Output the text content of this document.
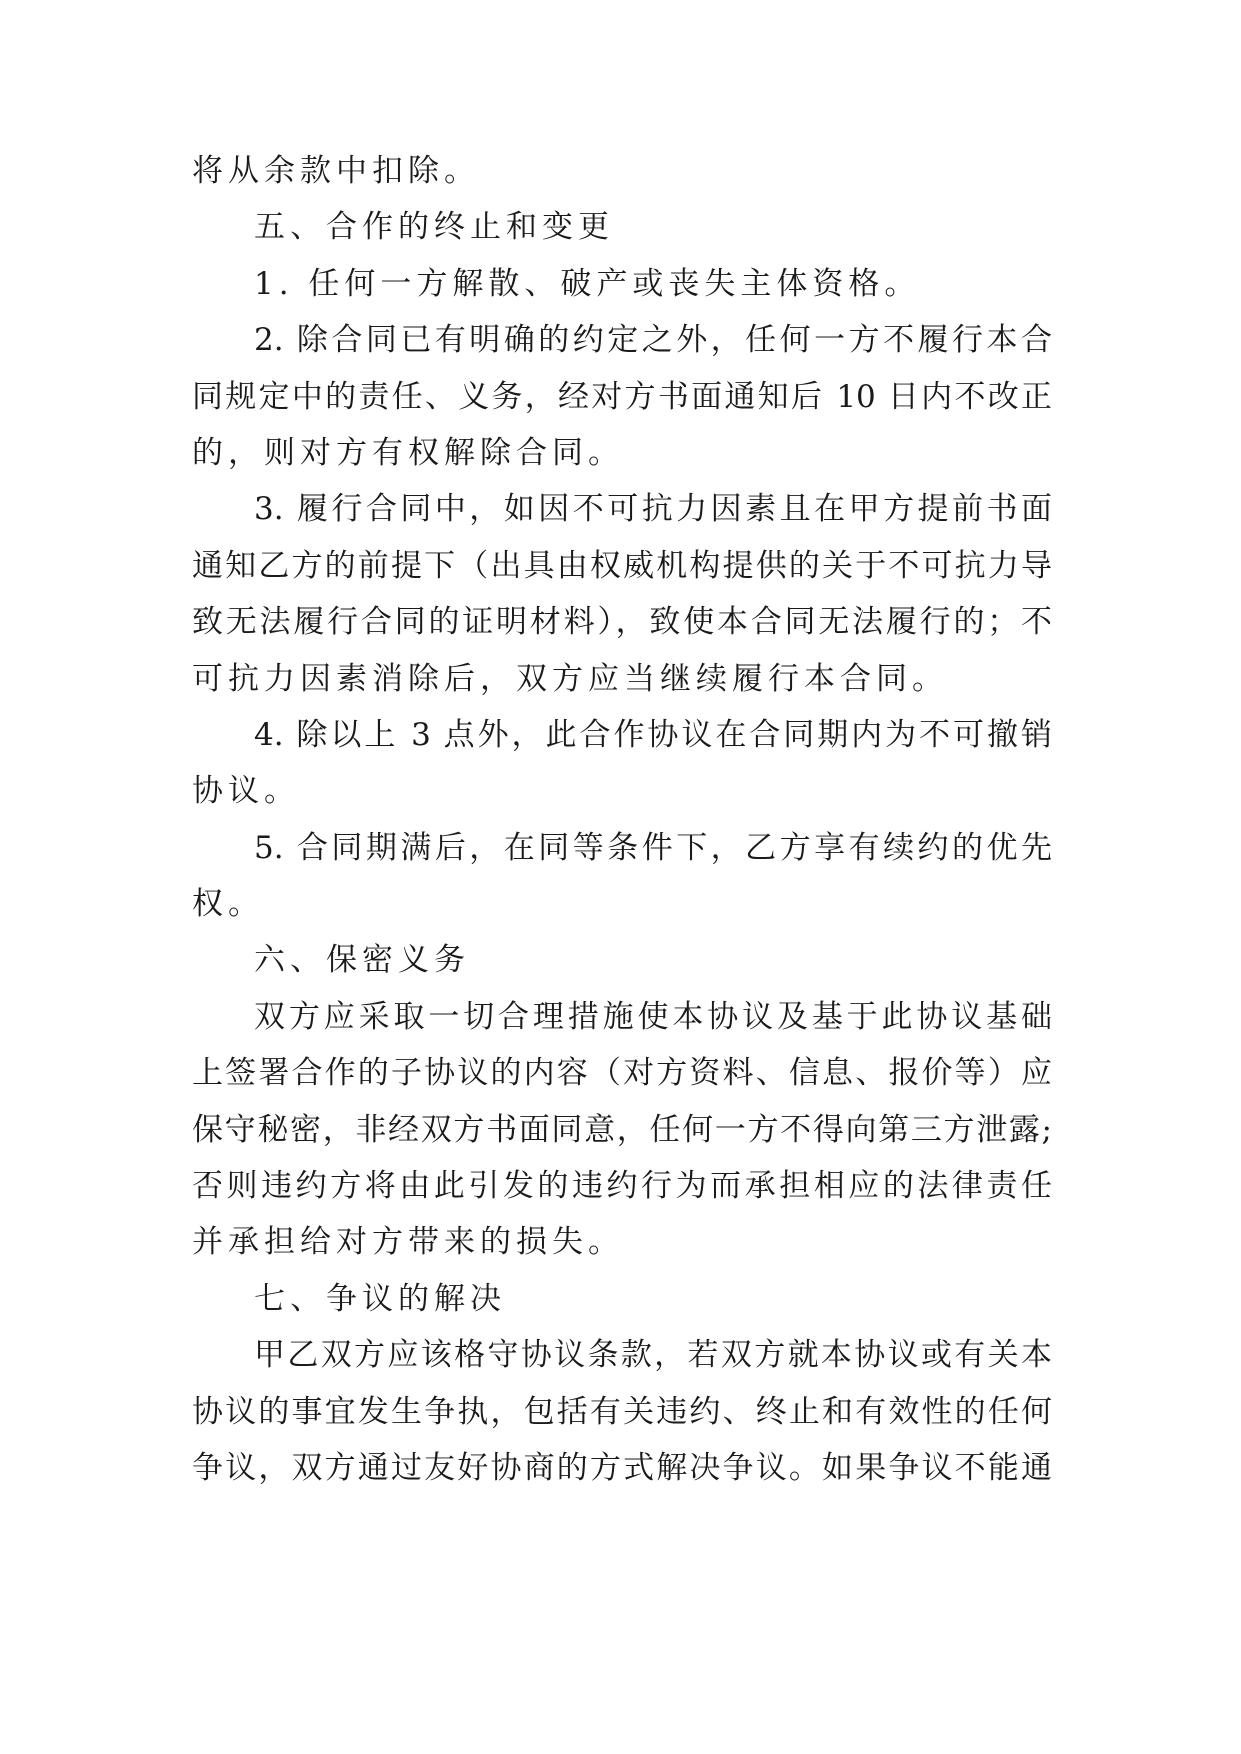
将从余款中扣除。
五、合作的终止和变更
1. 任何一方解散、破产或丧失主体资格。
2. 除合同已有明确的约定之外，任何一方不履行本合
同规定中的责任、义务，经对方书面通知后 10 日内不改正
的，则对方有权解除合同。
3. 履行合同中，如因不可抗力因素且在甲方提前书面
通知乙方的前提下（出具由权威机构提供的关于不可抗力导
致无法履行合同的证明材料），致使本合同无法履行的；不
可抗力因素消除后，双方应当继续履行本合同。
4. 除以上 3 点外，此合作协议在合同期内为不可撤销
协议。
5. 合同期满后，在同等条件下，乙方享有续约的优先
权。
六、保密义务
双方应采取一切合理措施使本协议及基于此协议基础
上签署合作的子协议的内容（对方资料、信息、报价等）应
保守秘密，非经双方书面同意，任何一方不得向第三方泄露;
否则违约方将由此引发的违约行为而承担相应的法律责任
并承担给对方带来的损失。
七、争议的解决
甲乙双方应该格守协议条款，若双方就本协议或有关本
协议的事宜发生争执，包括有关违约、终止和有效性的任何
争议，双方通过友好协商的方式解决争议。如果争议不能通
